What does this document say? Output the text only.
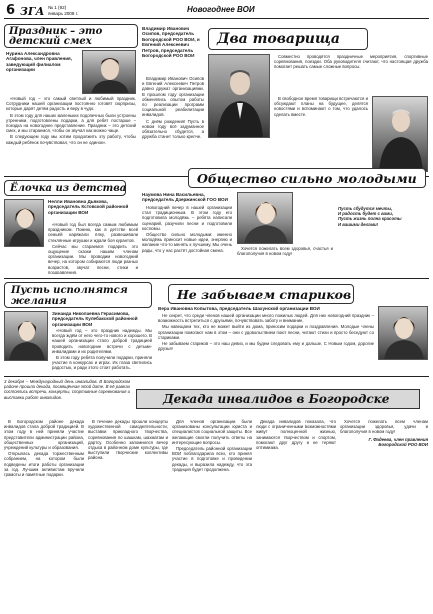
6 ЗГА № 1 (92)
январь 2008 г.	Новогоднее ВОИ
Праздник – это детский смех
Нурина Александровна Агафонова, член правления, заведующий филиалом организации

«Новый год – это самый светлый и любимый праздник. Сотрудники нашей организации постоянно готовят сюрпризы, которые дарят детям радость и веру в чудо.

В этом году для наших маленьких подопечных были устроены утренники, подготовлены подарки, а для ребят постарше – поездка на новогоднее представление. Праздник – это детский смех, и мы стараемся, чтобы он звучал как можно чаще.

В следующем году мы хотим продолжить эту работу, чтобы каждый ребёнок почувствовал, что он не одинок».

Владимир Иванович Осипов, председатель Богородской РОО ВОИ, и Евгений Алексеевич Петров, председатель Богородской РОО ВОИ
Два товарища

Владимир Иванович Осипов и Евгений Алексеевич Петров давно дружат организациями. В прошлом году организации обменялись опытом работы по реализации программ социальной реабилитации инвалидов.

С днём рождения! Пусть в новом году всё задуманное обязательно сбудется, а дружба станет только крепче.

Совместно проводятся праздничные мероприятия, спортивные соревнования, поездки. Оба руководителя считают, что настоящая дружба помогает решать самые сложные вопросы.

В свободное время товарищи встречаются и обсуждают планы на будущее, делятся новостями и вспоминают о том, что удалось сделать вместе.

Ёлочка из детства
Нелли Ивановна Дьякова, председатель Кстовской районной организации ВОИ

«Новый год был всегда самым любимым праздником. Помню, как в детстве всей семьёй наряжали ёлку, развешивали стеклянные игрушки и ждали боя курантов.

Сейчас мы стараемся подарить это ощущение сказки нашим членам организации. Мы проводим новогодний вечер, на котором собираются люди разных возрастов, звучат песни, стихи и поздравления.

Общество сильно молодыми
Наумова Нина Васильевна, председатель Дзержинской ГОО ВОИ

Новогодний вечер в нашей организации стал традиционным. В этом году его подготовила молодёжь – ребята написали сценарий, разучили песни и подготовили костюмы.

Общество сильно молодыми: именно молодёжь приносит новые идеи, энергию и желание что-то менять к лучшему. Мы очень рады, что у нас растёт достойная смена.	Хочется пожелать всем здоровья, счастья и благополучия в новом году!

Пусть сбудутся мечты,
И радость будет с вами,
Пусть жизнь полна красоты
И вашими делами!
Пусть исполнятся желания
Зинаида Николаевна Герасимова, председатель Кулебакской районной организации ВОИ

«Новый год – это праздник надежды. Мы всегда ждём от него чего-то нового и хорошего. В нашей организации стало доброй традицией проводить новогодние встречи с детьми-инвалидами и их родителями.

В этом году ребята получили подарки, приняли участие в конкурсах и играх. Их глаза светились радостью, и ради этого стоит работать.

Не забываем стариков
Вера Ивановна Копытова, председатель Шахунской организации ВОИ

Не секрет, что среди членов нашей организации много пожилых людей. Для них новогодний праздник – возможность встретиться с друзьями, почувствовать заботу и внимание.

Мы навещаем тех, кто не может выйти из дома, приносим подарки и поздравления. Молодые члены организации помогают нам в этом – они с удовольствием поют песни, читают стихи и просто беседуют со стариками.

Не забываем стариков – это наш девиз, и мы будем следовать ему и дальше. С Новым годом, дорогие друзья!

3 декабря – Международный день инвалидов. В Богородском районе прошла декада, посвящённая этой дате. В её рамках состоялись встречи, концерты, спортивные соревнования и выставки работ инвалидов.	Декада инвалидов в Богородске

В Богородском районе декада инвалидов стала доброй традицией. В этом году в ней приняли участие представители администрации района, общественных организаций, учреждений культуры и образования.

Открылась декада торжественным собранием, на котором были подведены итоги работы организации за год. Лучшим активистам вручили грамоты и памятные подарки.

В течение декады прошли концерты художественной самодеятельности, выставки прикладного творчества, соревнования по шашкам, шахматам и дартсу. Особенно запомнился вечер отдыха в районном доме культуры, где выступили творческие коллективы района.

Для членов организации были организованы консультации юриста и специалистов социальной защиты. Все желающие смогли получить ответы на интересующие вопросы.

Председатель районной организации ВОИ поблагодарила всех, кто принял участие в подготовке и проведении декады, и выразила надежду, что эта традиция будет продолжена.

Декада инвалидов показала, что люди с ограниченными возможностями живут полноценной жизнью, занимаются творчеством и спортом, помогают друг другу и не теряют оптимизма.

Хочется пожелать всем членам организации здоровья, удачи и благополучия в новом году!

Г. Фадеева, член правления Богородской РОО ВОИ
